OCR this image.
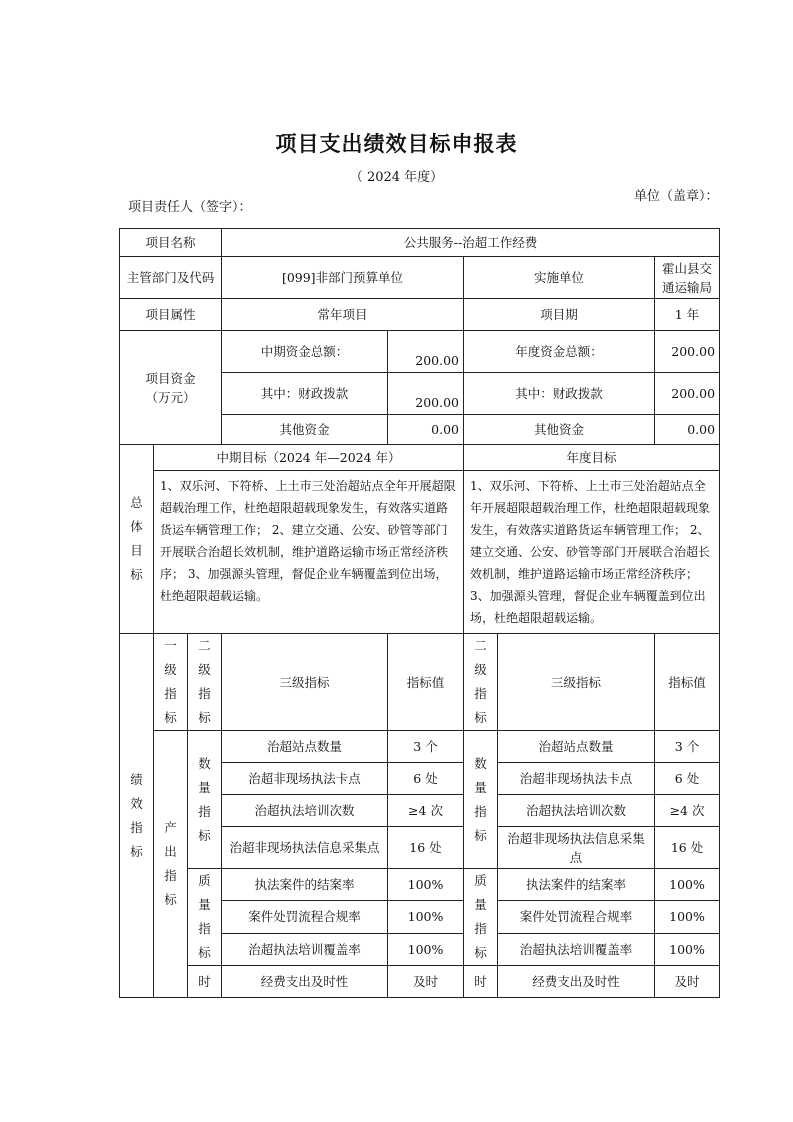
项目支出绩效目标申报表
（ 2024 年度）
项目责任人（签字）：
单位（盖章）：
项目名称			公共服务--治超工作经费				
主管部门及代码			[099]非部门预算单位		实施单位		霍山县交通运输局
项目属性			常年项目		项目期		1 年
项目资金
（万元）			中期资金总额：	200.00	年度资金总额：		200.00
			其中：财政拨款	200.00	其中：财政拨款		200.00
			其他资金	0.00	其他资金		0.00
总体目标	中期目标（2024 年—2024 年）				年度目标		
	1、双乐河、下符桥、上土市三处治超站点全年开展超限超载治理工作，杜绝超限超载现象发生，有效落实道路货运车辆管理工作； 2、建立交通、公安、砂管等部门开展联合治超长效机制，维护道路运输市场正常经济秩序； 3、加强源头管理，督促企业车辆覆盖到位出场，杜绝超限超载运输。				1、双乐河、下符桥、上土市三处治超站点全年开展超限超载治理工作，杜绝超限超载现象发生，有效落实道路货运车辆管理工作； 2、建立交通、公安、砂管等部门开展联合治超长效机制，维护道路运输市场正常经济秩序； 3、加强源头管理，督促企业车辆覆盖到位出场，杜绝超限超载运输。		
绩效指标	一级指标	二级指标	三级指标	指标值	二级指标	三级指标	指标值
	产出指标	数量指标	治超站点数量	3 个	数量指标	治超站点数量	3 个
			治超非现场执法卡点	6 处		治超非现场执法卡点	6 处
			治超执法培训次数	≥4 次		治超执法培训次数	≥4 次
			治超非现场执法信息采集点	16 处		治超非现场执法信息采集点	16 处
		质量指标	执法案件的结案率	100%	质量指标	执法案件的结案率	100%
			案件处罚流程合规率	100%		案件处罚流程合规率	100%
			治超执法培训覆盖率	100%		治超执法培训覆盖率	100%
		时	经费支出及时性	及时	时	经费支出及时性	及时
